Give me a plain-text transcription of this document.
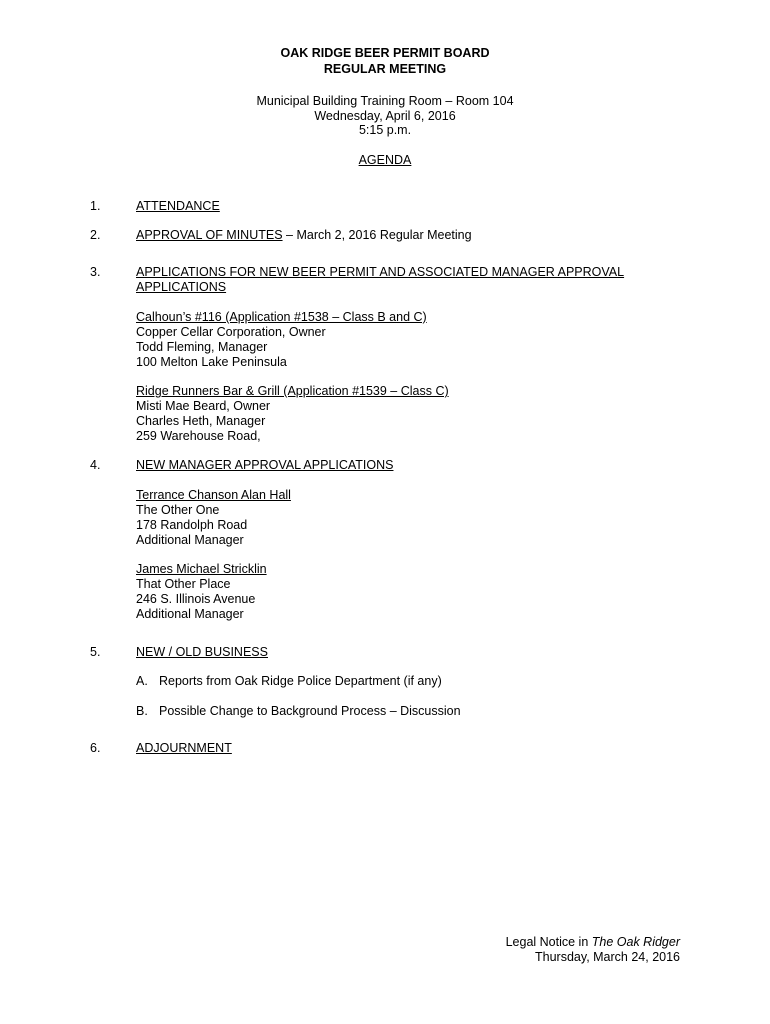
OAK RIDGE BEER PERMIT BOARD
REGULAR MEETING
Municipal Building Training Room – Room 104
Wednesday, April 6, 2016
5:15 p.m.
AGENDA
1.	ATTENDANCE
2.	APPROVAL OF MINUTES – March 2, 2016 Regular Meeting
3.	APPLICATIONS FOR NEW BEER PERMIT AND ASSOCIATED MANAGER APPROVAL
APPLICATIONS
Calhoun’s #116 (Application #1538 – Class B and C)
Copper Cellar Corporation, Owner
Todd Fleming, Manager
100 Melton Lake Peninsula
Ridge Runners Bar & Grill (Application #1539 – Class C)
Misti Mae Beard, Owner
Charles Heth, Manager
259 Warehouse Road,
4.	NEW MANAGER APPROVAL APPLICATIONS
Terrance Chanson Alan Hall
The Other One
178 Randolph Road
Additional Manager
James Michael Stricklin
That Other Place
246 S. Illinois Avenue
Additional Manager
5.	NEW / OLD BUSINESS
A. Reports from Oak Ridge Police Department (if any)
B. Possible Change to Background Process – Discussion
6.	ADJOURNMENT
Legal Notice in The Oak Ridger
Thursday, March 24, 2016
